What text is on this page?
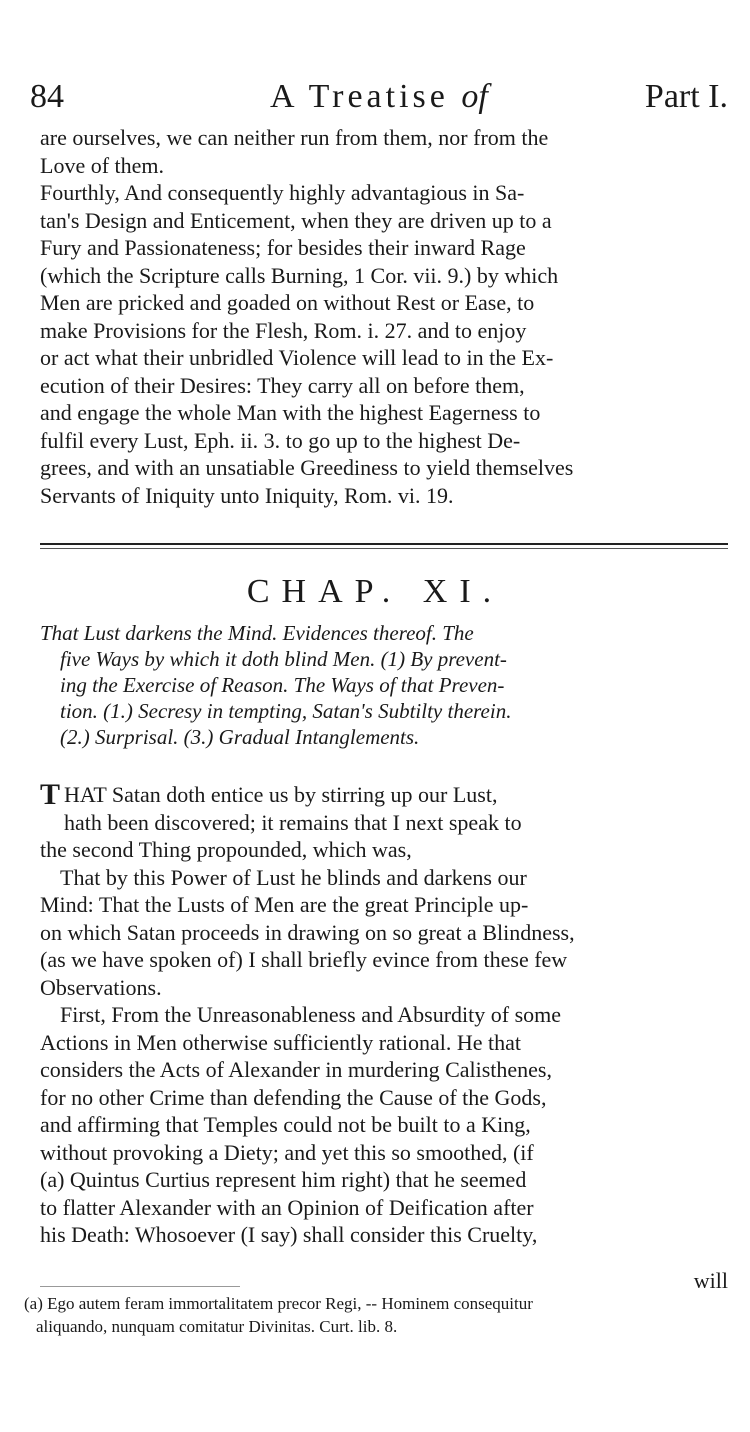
84	A Treatise of	Part I.
are ourselves, we can neither run from them, nor from the
Love of them.
Fourthly, And consequently highly advantagious in Sa-
tan's Design and Enticement, when they are driven up to a
Fury and Passionateness; for besides their inward Rage
(which the Scripture calls Burning, 1 Cor. vii. 9.) by which
Men are pricked and goaded on without Rest or Ease, to
make Provisions for the Flesh, Rom. i. 27. and to enjoy
or act what their unbridled Violence will lead to in the Ex-
ecution of their Desires: They carry all on before them,
and engage the whole Man with the highest Eagerness to
fulfil every Lust, Eph. ii. 3. to go up to the highest De-
grees, and with an unsatiable Greediness to yield themselves
Servants of Iniquity unto Iniquity, Rom. vi. 19.
CHAP. XI.
That Lust darkens the Mind. Evidences thereof. The
five Ways by which it doth blind Men. (1) By prevent-
ing the Exercise of Reason. The Ways of that Preven-
tion. (1.) Secresy in tempting, Satan's Subtilty therein.
(2.) Surprisal. (3.) Gradual Intanglements.
T HAT Satan doth entice us by stirring up our Lust,
hath been discovered; it remains that I next speak to
the second Thing propounded, which was,
That by this Power of Lust he blinds and darkens our
Mind: That the Lusts of Men are the great Principle up-
on which Satan proceeds in drawing on so great a Blindness,
(as we have spoken of) I shall briefly evince from these few
Observations.
First, From the Unreasonableness and Absurdity of some
Actions in Men otherwise sufficiently rational. He that
considers the Acts of Alexander in murdering Calisthenes,
for no other Crime than defending the Cause of the Gods,
and affirming that Temples could not be built to a King,
without provoking a Diety; and yet this so smoothed, (if
(a) Quintus Curtius represent him right) that he seemed
to flatter Alexander with an Opinion of Deification after
his Death: Whosoever (I say) shall consider this Cruelty,
will
(a) Ego autem feram immortalitatem precor Regi, -- Hominem consequitur
aliquando, nunquam comitatur Divinitas. Curt. lib. 8.
